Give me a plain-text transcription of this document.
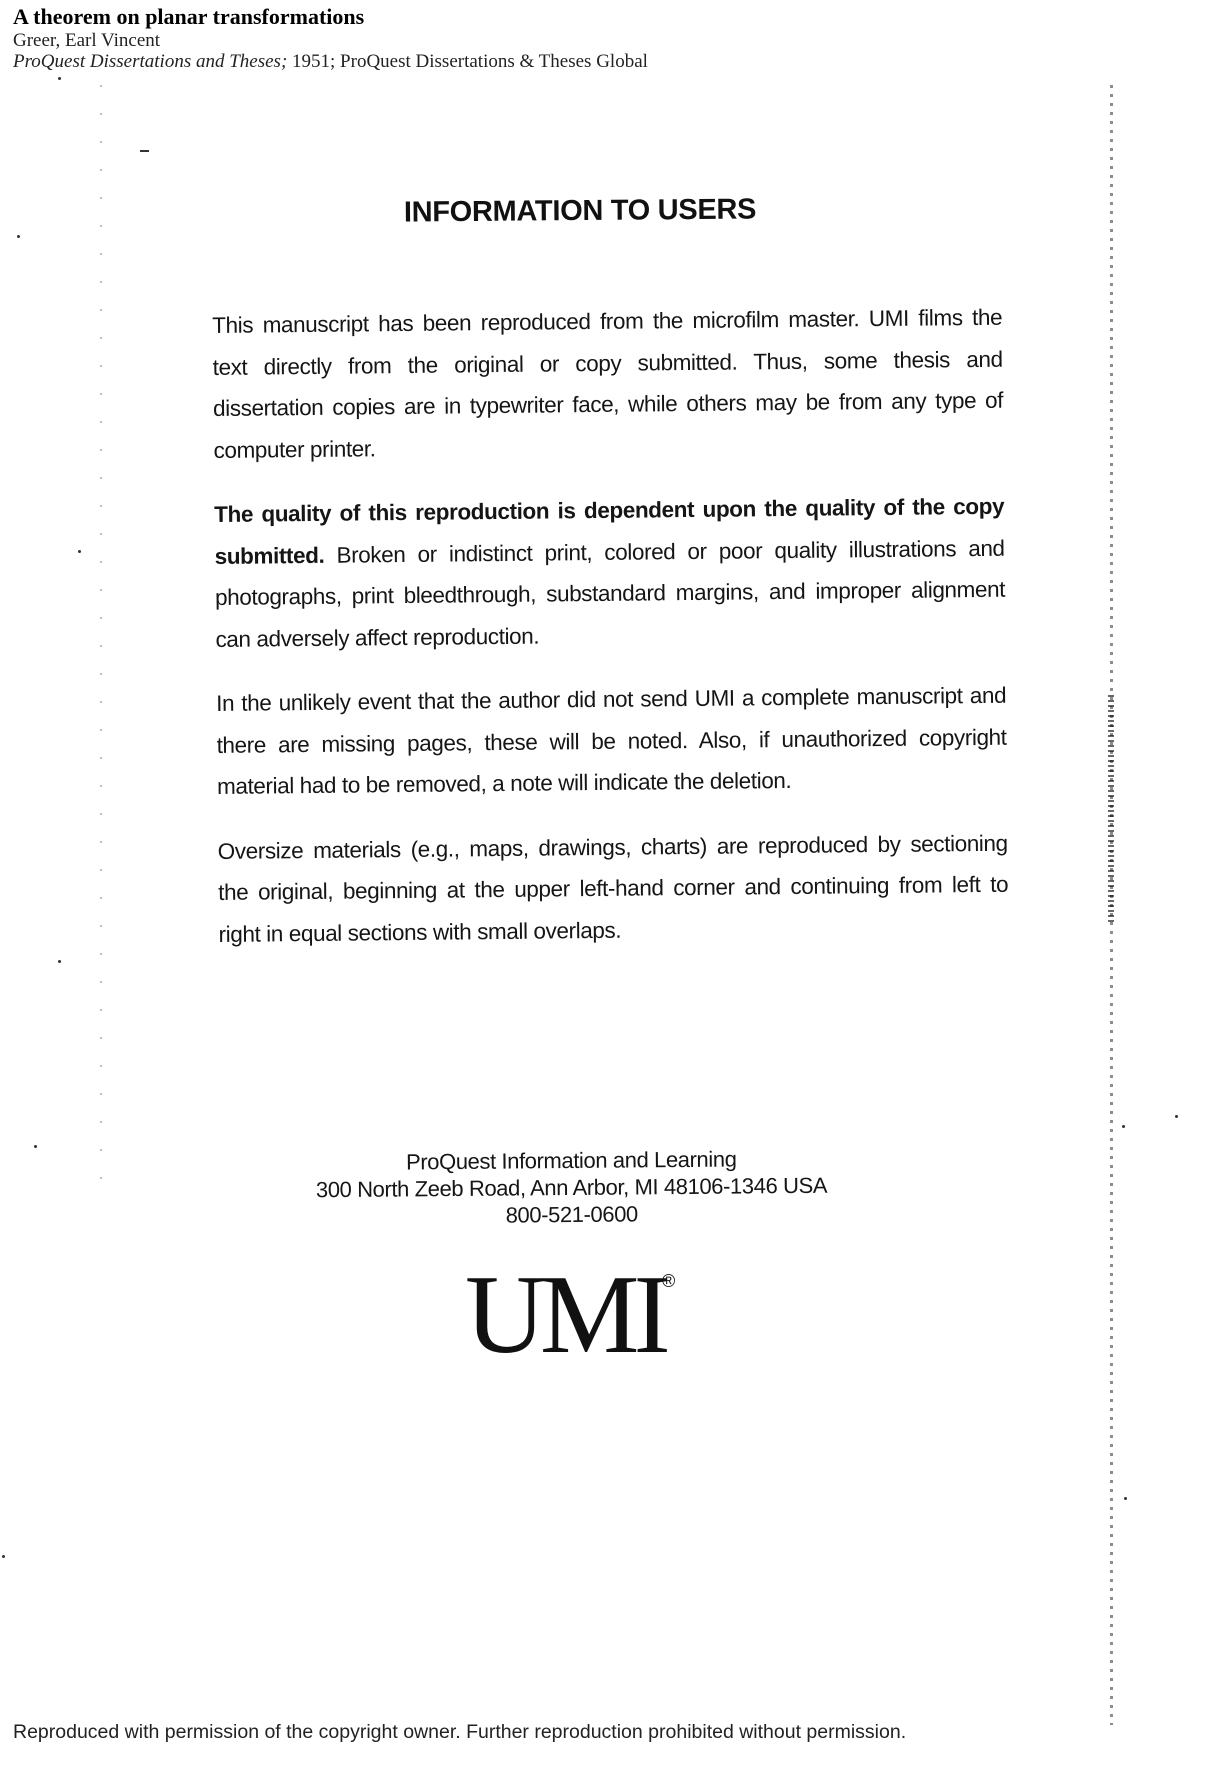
A theorem on planar transformations
Greer, Earl Vincent
ProQuest Dissertations and Theses; 1951; ProQuest Dissertations & Theses Global
INFORMATION TO USERS

This manuscript has been reproduced from the microfilm master. UMI films the text directly from the original or copy submitted. Thus, some thesis and dissertation copies are in typewriter face, while others may be from any type of computer printer.

The quality of this reproduction is dependent upon the quality of the copy submitted. Broken or indistinct print, colored or poor quality illustrations and photographs, print bleedthrough, substandard margins, and improper alignment can adversely affect reproduction.

In the unlikely event that the author did not send UMI a complete manuscript and there are missing pages, these will be noted. Also, if unauthorized copyright material had to be removed, a note will indicate the deletion.

Oversize materials (e.g., maps, drawings, charts) are reproduced by sectioning the original, beginning at the upper left-hand corner and continuing from left to right in equal sections with small overlaps.

ProQuest Information and Learning
300 North Zeeb Road, Ann Arbor, MI 48106-1346 USA
800-521-0600
UMI
®
Reproduced with permission of the copyright owner. Further reproduction prohibited without permission.
